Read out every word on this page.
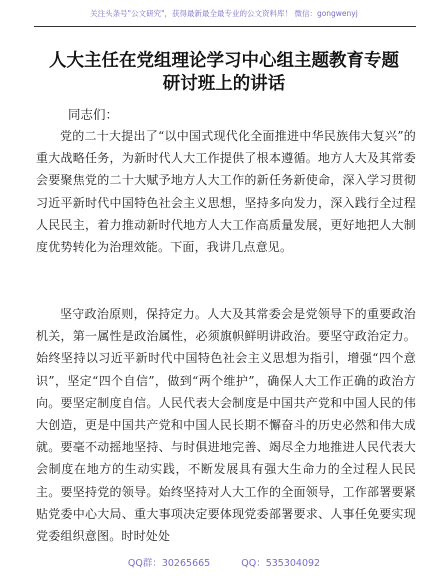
关注头条号"公文研究"，获得最新最全最专业的公文资料库！ 微信：gongwenyj
人大主任在党组理论学习中心组主题教育专题
研讨班上的讲话
同志们：

党的二十大提出了“以中国式现代化全面推进中华民族伟大复兴”的重大战略任务，为新时代人大工作提供了根本遵循。地方人大及其常委会要聚焦党的二十大赋予地方人大工作的新任务新使命，深入学习贯彻习近平新时代中国特色社会主义思想，坚持多向发力，深入践行全过程人民民主，着力推动新时代地方人大工作高质量发展，更好地把人大制度优势转化为治理效能。下面，我讲几点意见。

坚守政治原则，保持定力。人大及其常委会是党领导下的重要政治机关，第一属性是政治属性，必须旗帜鲜明讲政治。要坚守政治定力。始终坚持以习近平新时代中国特色社会主义思想为指引，增强“四个意识”，坚定“四个自信”，做到“两个维护”，确保人大工作正确的政治方向。要坚定制度自信。人民代表大会制度是中国共产党和中国人民的伟大创造，更是中国共产党和中国人民长期不懈奋斗的历史必然和伟大成就。要毫不动摇地坚持、与时俱进地完善、竭尽全力地推进人民代表大会制度在地方的生动实践，不断发展具有强大生命力的全过程人民民主。要坚持党的领导。始终坚持对人大工作的全面领导，工作部署要紧贴党委中心大局、重大事项决定要体现党委部署要求、人事任免要实现党委组织意图。时时处处

QQ群：30265665	QQ：535304092
